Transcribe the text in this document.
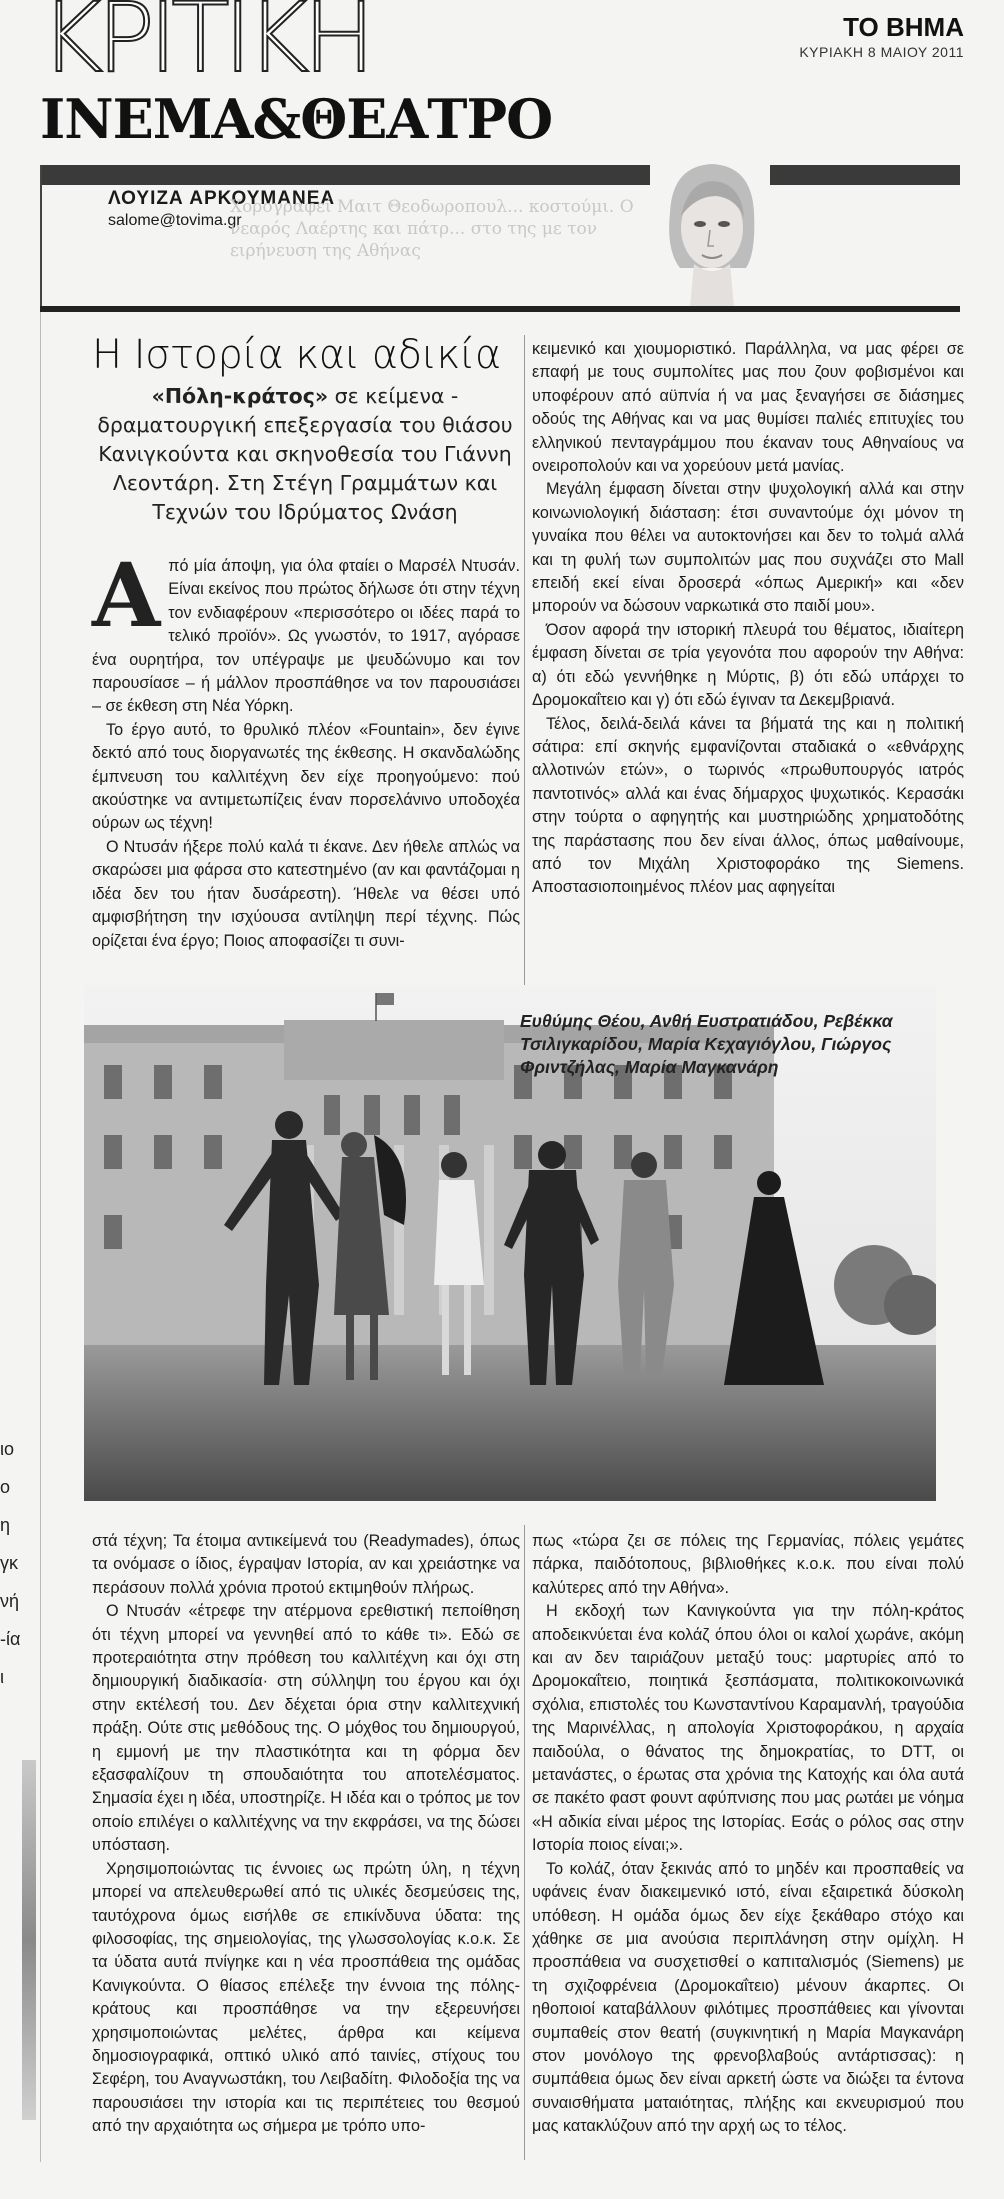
ΚΡΙΤΙΚΗ
ΙΝΕΜΑ&ΘΕΑΤΡΟ
ΤΟ ΒΗΜΑ
ΚΥΡΙΑΚΗ 8 ΜΑΙΟΥ 2011
ΛΟΥΙΖΑ ΑΡΚΟΥΜΑΝΕΑ
salome@tovima.gr
Χορογραφεί Μαιτ Θεοδωροπουλ... κοστούμι. Ο νεαρός Λαέρτης και πάτρ... στο της με τον ειρήνευση της Αθήνας
Η Ιστορία και αδικία
«Πόλη-κράτος» σε κείμενα - δραματουργική επεξεργασία του θιάσου Κανιγκούντα και σκηνοθεσία του Γιάννη Λεοντάρη. Στη Στέγη Γραμμάτων και Τεχνών του Ιδρύματος Ωνάση

Από μία άποψη, για όλα φταίει ο Μαρσέλ Ντυσάν. Είναι εκείνος που πρώτος δήλωσε ότι στην τέχνη τον ενδιαφέρουν «περισσότερο οι ιδέες παρά το τελικό προϊόν». Ως γνωστόν, το 1917, αγόρασε ένα ουρητήρα, τον υπέγραψε με ψευδώνυμο και τον παρουσίασε – ή μάλλον προσπάθησε να τον παρουσιάσει – σε έκθεση στη Νέα Υόρκη.

Το έργο αυτό, το θρυλικό πλέον «Fountain», δεν έγινε δεκτό από τους διοργανωτές της έκθεσης. Η σκανδαλώδης έμπνευση του καλλιτέχνη δεν είχε προηγούμενο: πού ακούστηκε να αντιμετωπίζεις έναν πορσελάνινο υποδοχέα ούρων ως τέχνη!

Ο Ντυσάν ήξερε πολύ καλά τι έκανε. Δεν ήθελε απλώς να σκαρώσει μια φάρσα στο κατεστημένο (αν και φαντάζομαι η ιδέα δεν του ήταν δυσάρεστη). Ήθελε να θέσει υπό αμφισβήτηση την ισχύουσα αντίληψη περί τέχνης. Πώς ορίζεται ένα έργο; Ποιος αποφασίζει τι συνι-

κειμενικό και χιουμοριστικό. Παράλληλα, να μας φέρει σε επαφή με τους συμπολίτες μας που ζουν φοβισμένοι και υποφέρουν από αϋπνία ή να μας ξεναγήσει σε διάσημες οδούς της Αθήνας και να μας θυμίσει παλιές επιτυχίες του ελληνικού πενταγράμμου που έκαναν τους Αθηναίους να ονειροπολούν και να χορεύουν μετά μανίας.

Μεγάλη έμφαση δίνεται στην ψυχολογική αλλά και στην κοινωνιολογική διάσταση: έτσι συναντούμε όχι μόνον τη γυναίκα που θέλει να αυτοκτονήσει και δεν το τολμά αλλά και τη φυλή των συμπολιτών μας που συχνάζει στο Mall επειδή εκεί είναι δροσερά «όπως Αμερική» και «δεν μπορούν να δώσουν ναρκωτικά στο παιδί μου».

Όσον αφορά την ιστορική πλευρά του θέματος, ιδιαίτερη έμφαση δίνεται σε τρία γεγονότα που αφορούν την Αθήνα: α) ότι εδώ γεννήθηκε η Μύρτις, β) ότι εδώ υπάρχει το Δρομοκαΐτειο και γ) ότι εδώ έγιναν τα Δεκεμβριανά.

Τέλος, δειλά-δειλά κάνει τα βήματά της και η πολιτική σάτιρα: επί σκηνής εμφανίζονται σταδιακά ο «εθνάρχης αλλοτινών ετών», ο τωρινός «πρωθυπουργός ιατρός παντοτινός» αλλά και ένας δήμαρχος ψυχωτικός. Κερασάκι στην τούρτα ο αφηγητής και μυστηριώδης χρηματοδότης της παράστασης που δεν είναι άλλος, όπως μαθαίνουμε, από τον Μιχάλη Χριστοφοράκο της Siemens. Αποστασιοποιημένος πλέον μας αφηγείται

Ευθύμης Θέου, Ανθή Ευστρατιάδου, Ρεβέκκα Τσιλιγκαρίδου, Μαρία Κεχαγιόγλου, Γιώργος Φριντζήλας, Μαρία Μαγκανάρη

στά τέχνη; Τα έτοιμα αντικείμενά του (Readymades), όπως τα ονόμασε ο ίδιος, έγραψαν Ιστορία, αν και χρειάστηκε να περάσουν πολλά χρόνια προτού εκτιμηθούν πλήρως.

Ο Ντυσάν «έτρεφε την ατέρμονα ερεθιστική πεποίθηση ότι τέχνη μπορεί να γεννηθεί από το κάθε τι». Εδώ σε προτεραιότητα στην πρόθεση του καλλιτέχνη και όχι στη δημιουργική διαδικασία· στη σύλληψη του έργου και όχι στην εκτέλεσή του. Δεν δέχεται όρια στην καλλιτεχνική πράξη. Ούτε στις μεθόδους της. Ο μόχθος του δημιουργού, η εμμονή με την πλαστικότητα και τη φόρμα δεν εξασφαλίζουν τη σπουδαιότητα του αποτελέσματος. Σημασία έχει η ιδέα, υποστηρίζε. Η ιδέα και ο τρόπος με τον οποίο επιλέγει ο καλλιτέχνης να την εκφράσει, να της δώσει υπόσταση.

Χρησιμοποιώντας τις έννοιες ως πρώτη ύλη, η τέχνη μπορεί να απελευθερωθεί από τις υλικές δεσμεύσεις της, ταυτόχρονα όμως εισήλθε σε επικίνδυνα ύδατα: της φιλοσοφίας, της σημειολογίας, της γλωσσολογίας κ.ο.κ. Σε τα ύδατα αυτά πνίγηκε και η νέα προσπάθεια της ομάδας Κανιγκούντα. Ο θίασος επέλεξε την έννοια της πόλης-κράτους και προσπάθησε να την εξερευνήσει χρησιμοποιώντας μελέτες, άρθρα και κείμενα δημοσιογραφικά, οπτικό υλικό από ταινίες, στίχους του Σεφέρη, του Αναγνωστάκη, του Λειβαδίτη. Φιλοδοξία της να παρουσιάσει την ιστορία και τις περιπέτειες του θεσμού από την αρχαιότητα ως σήμερα με τρόπο υπο-

πως «τώρα ζει σε πόλεις της Γερμανίας, πόλεις γεμάτες πάρκα, παιδότοπους, βιβλιοθήκες κ.ο.κ. που είναι πολύ καλύτερες από την Αθήνα».

Η εκδοχή των Κανιγκούντα για την πόλη-κράτος αποδεικνύεται ένα κολάζ όπου όλοι οι καλοί χωράνε, ακόμη και αν δεν ταιριάζουν μεταξύ τους: μαρτυρίες από το Δρομοκαΐτειο, ποιητικά ξεσπάσματα, πολιτικοκοινωνικά σχόλια, επιστολές του Κωνσταντίνου Καραμανλή, τραγούδια της Μαρινέλλας, η απολογία Χριστοφοράκου, η αρχαία παιδούλα, ο θάνατος της δημοκρατίας, το DTT, οι μετανάστες, ο έρωτας στα χρόνια της Κατοχής και όλα αυτά σε πακέτο φαστ φουντ αφύπνισης που μας ρωτάει με νόημα «Η αδικία είναι μέρος της Ιστορίας. Εσάς ο ρόλος σας στην Ιστορία ποιος είναι;».

Το κολάζ, όταν ξεκινάς από το μηδέν και προσπαθείς να υφάνεις έναν διακειμενικό ιστό, είναι εξαιρετικά δύσκολη υπόθεση. Η ομάδα όμως δεν είχε ξεκάθαρο στόχο και χάθηκε σε μια ανούσια περιπλάνηση στην ομίχλη. Η προσπάθεια να συσχετισθεί ο καπιταλισμός (Siemens) με τη σχιζοφρένεια (Δρομοκαΐτειο) μένουν άκαρπες. Οι ηθοποιοί καταβάλλουν φιλότιμες προσπάθειες και γίνονται συμπαθείς στον θεατή (συγκινητική η Μαρία Μαγκανάρη στον μονόλογο της φρενοβλαβούς αντάρτισσας): η συμπάθεια όμως δεν είναι αρκετή ώστε να διώξει τα έντονα συναισθήματα ματαιότητας, πλήξης και εκνευρισμού που μας κατακλύζουν από την αρχή ως το τέλος.

ιο
ο
η
γκ
νή
-ία
ι
